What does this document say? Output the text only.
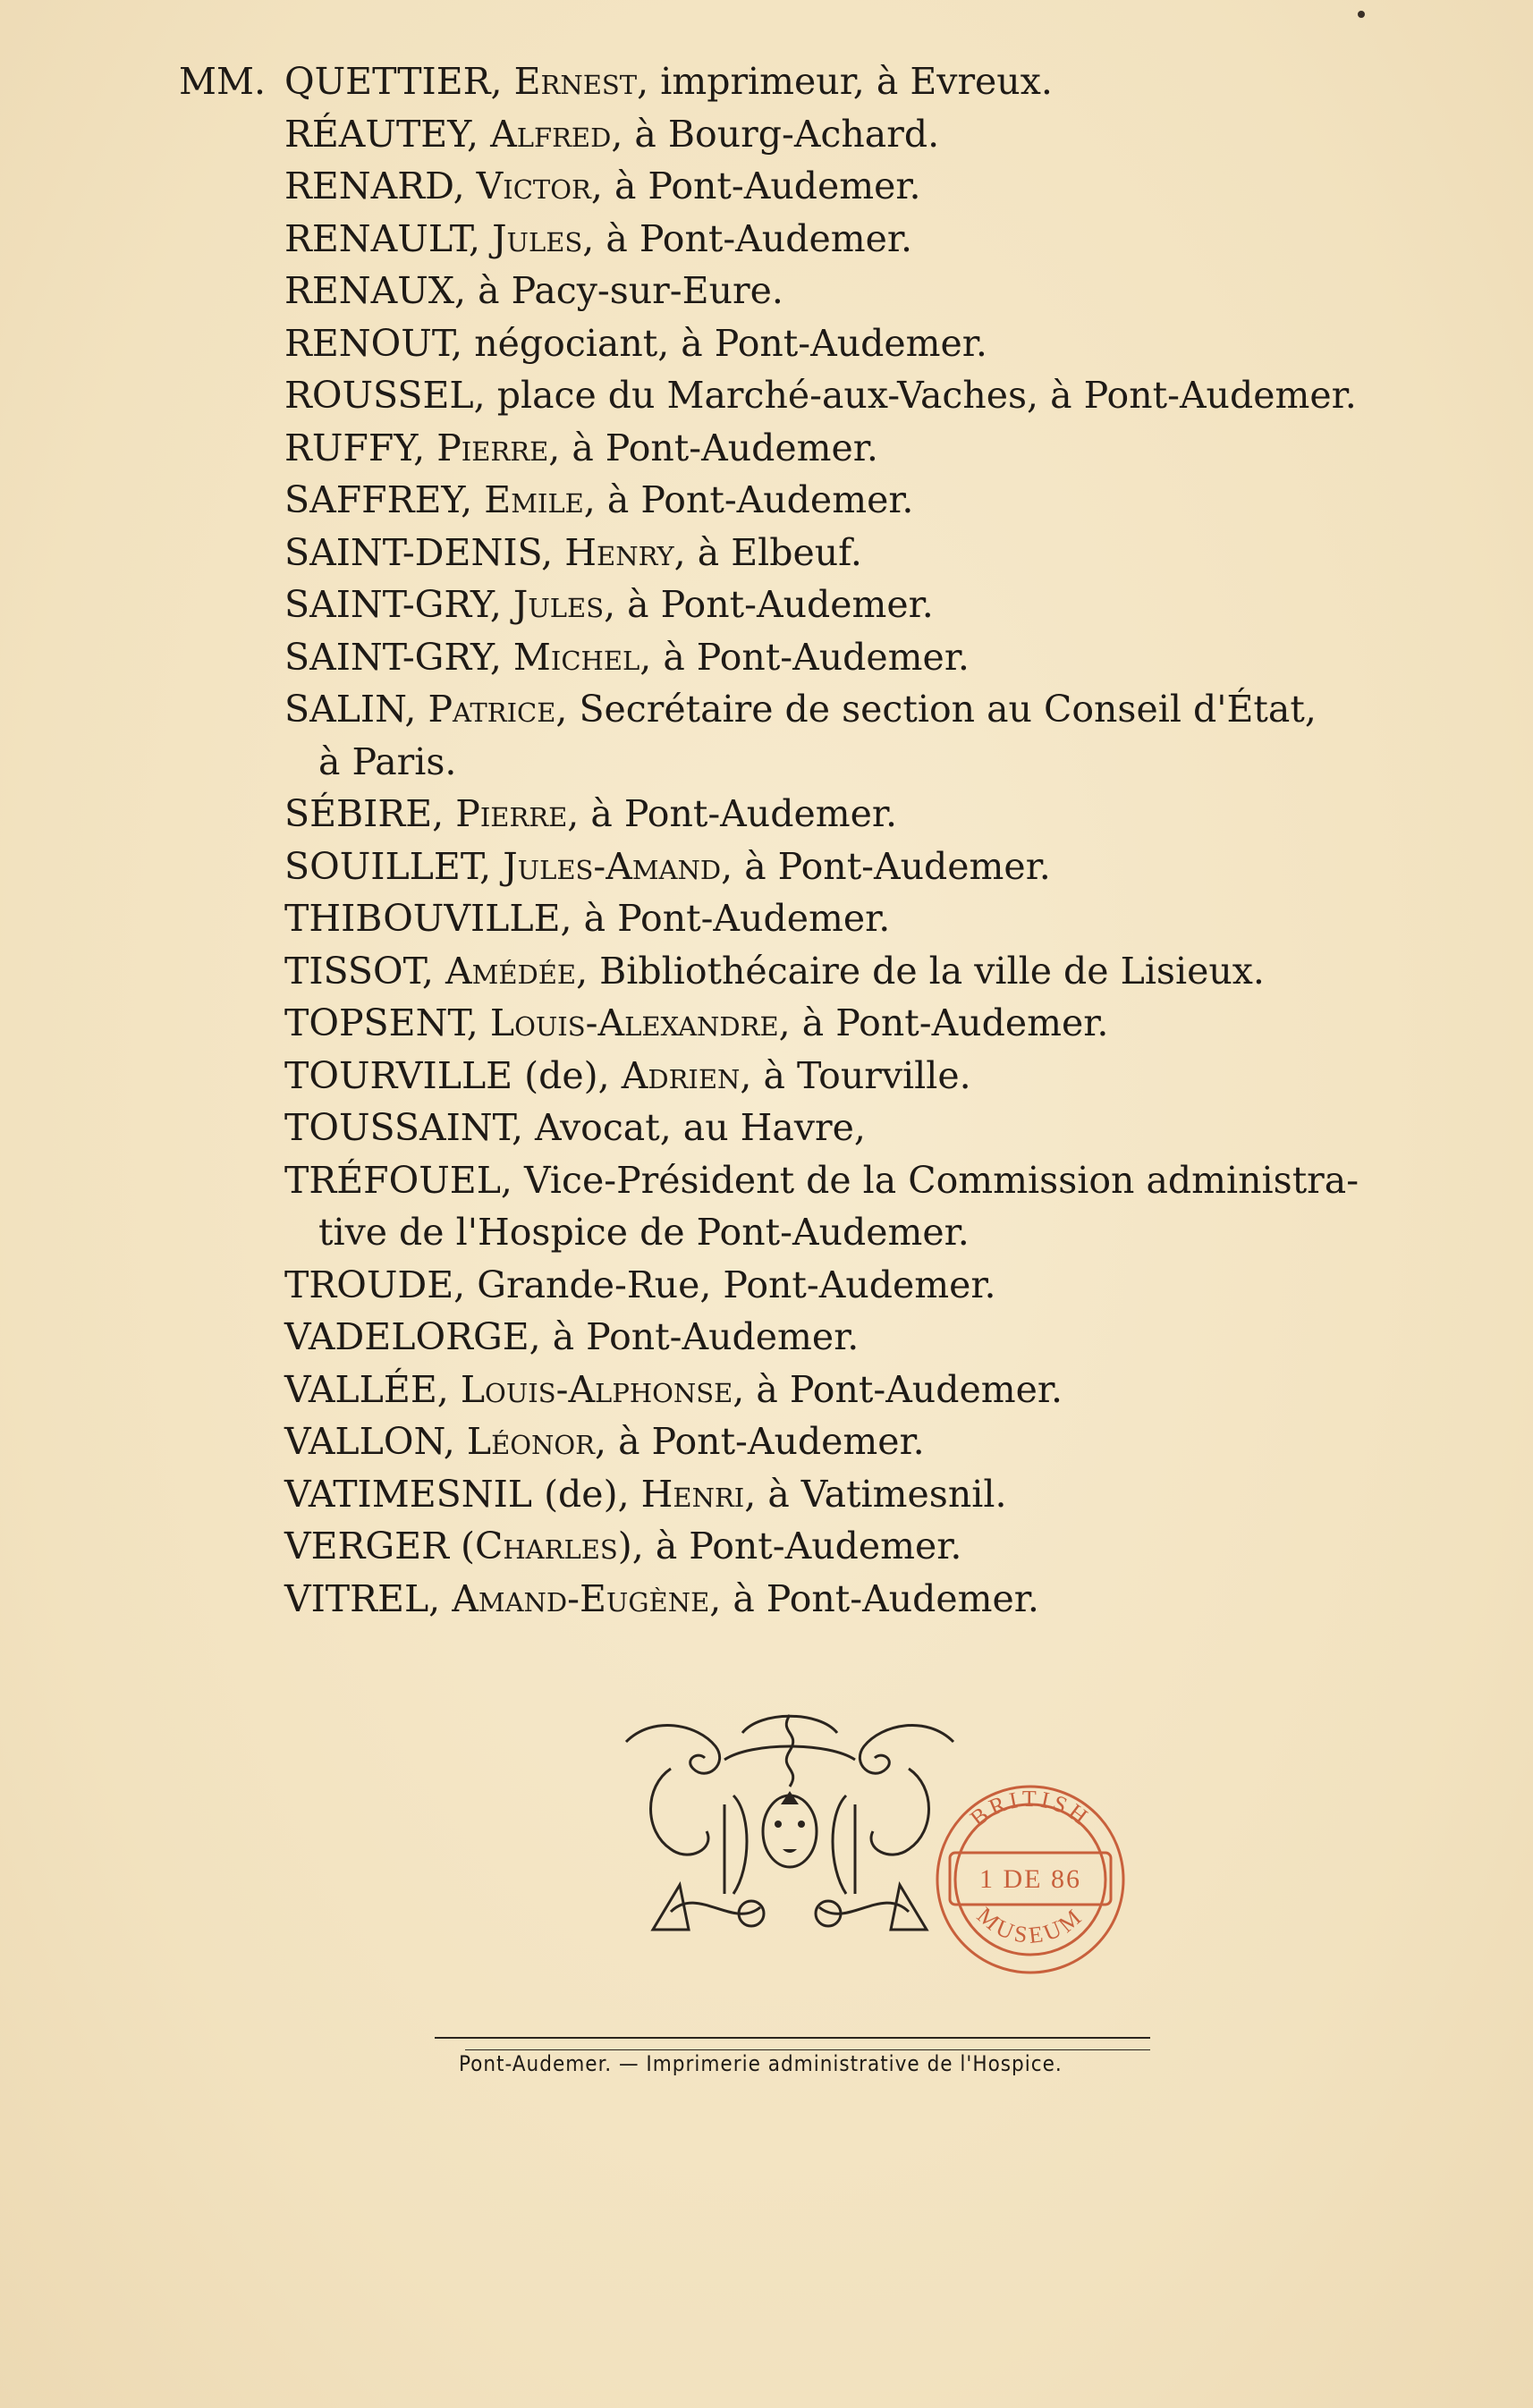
MM. QUETTIER, Ernest, imprimeur, à Evreux.
RÉAUTEY, Alfred, à Bourg-Achard.
RENARD, Victor, à Pont-Audemer.
RENAULT, Jules, à Pont-Audemer.
RENAUX, à Pacy-sur-Eure.
RENOUT, négociant, à Pont-Audemer.
ROUSSEL, place du Marché-aux-Vaches, à Pont-Audemer.
RUFFY, Pierre, à Pont-Audemer.
SAFFREY, Emile, à Pont-Audemer.
SAINT-DENIS, Henry, à Elbeuf.
SAINT-GRY, Jules, à Pont-Audemer.
SAINT-GRY, Michel, à Pont-Audemer.
SALIN, Patrice, Secrétaire de section au Conseil d'État,
à Paris.
SÉBIRE, Pierre, à Pont-Audemer.
SOUILLET, Jules-Amand, à Pont-Audemer.
THIBOUVILLE, à Pont-Audemer.
TISSOT, Amédée, Bibliothécaire de la ville de Lisieux.
TOPSENT, Louis-Alexandre, à Pont-Audemer.
TOURVILLE (de), Adrien, à Tourville.
TOUSSAINT, Avocat, au Havre,
TRÉFOUEL, Vice-Président de la Commission administra-
tive de l'Hospice de Pont-Audemer.
TROUDE, Grande-Rue, Pont-Audemer.
VADELORGE, à Pont-Audemer.
VALLÉE, Louis-Alphonse, à Pont-Audemer.
VALLON, Léonor, à Pont-Audemer.
VATIMESNIL (de), Henri, à Vatimesnil.
VERGER (Charles), à Pont-Audemer.
VITREL, Amand-Eugène, à Pont-Audemer.
BRITISH
MUSEUM
1 DE 86
Pont-Audemer. — Imprimerie administrative de l'Hospice.
